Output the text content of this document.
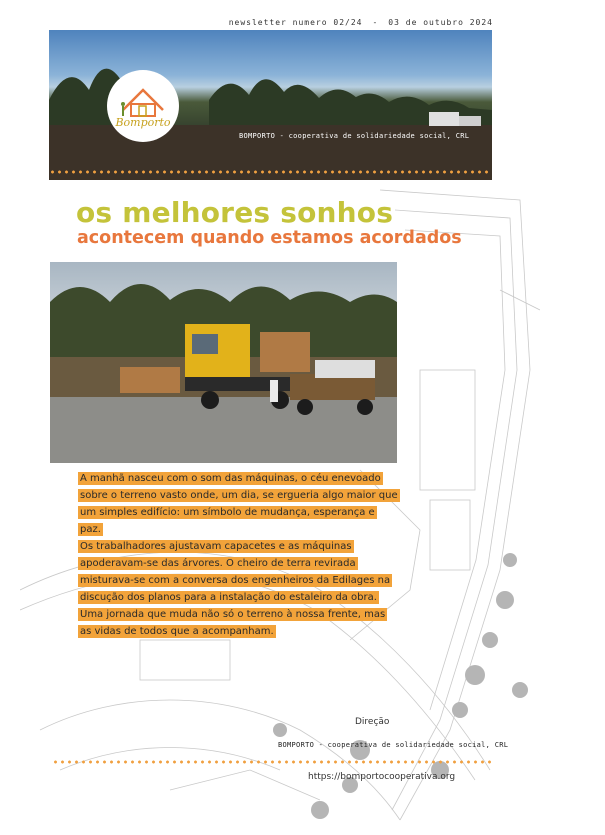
newsletter numero 02/24 - 03 de outubro 2024
Bomporto
BOMPORTO - cooperativa de solidariedade social, CRL
os melhores sonhos
acontecem quando estamos acordados

A manhã nasceu com o som das máquinas, o céu enevoado sobre o terreno vasto onde, um dia, se ergueria algo maior que um simples edifício: um símbolo de mudança, esperança e paz.

Os trabalhadores ajustavam capacetes e as máquinas apoderavam-se das árvores. O cheiro de terra revirada misturava-se com a conversa dos engenheiros da Edilages na discução dos planos para a instalação do estaleiro da obra.

Uma jornada que muda não só o terreno à nossa frente, mas as vidas de todos que a acompanham.

Direção
BOMPORTO - cooperativa de solidariedade social, CRL
https://bomportocooperativa.org
